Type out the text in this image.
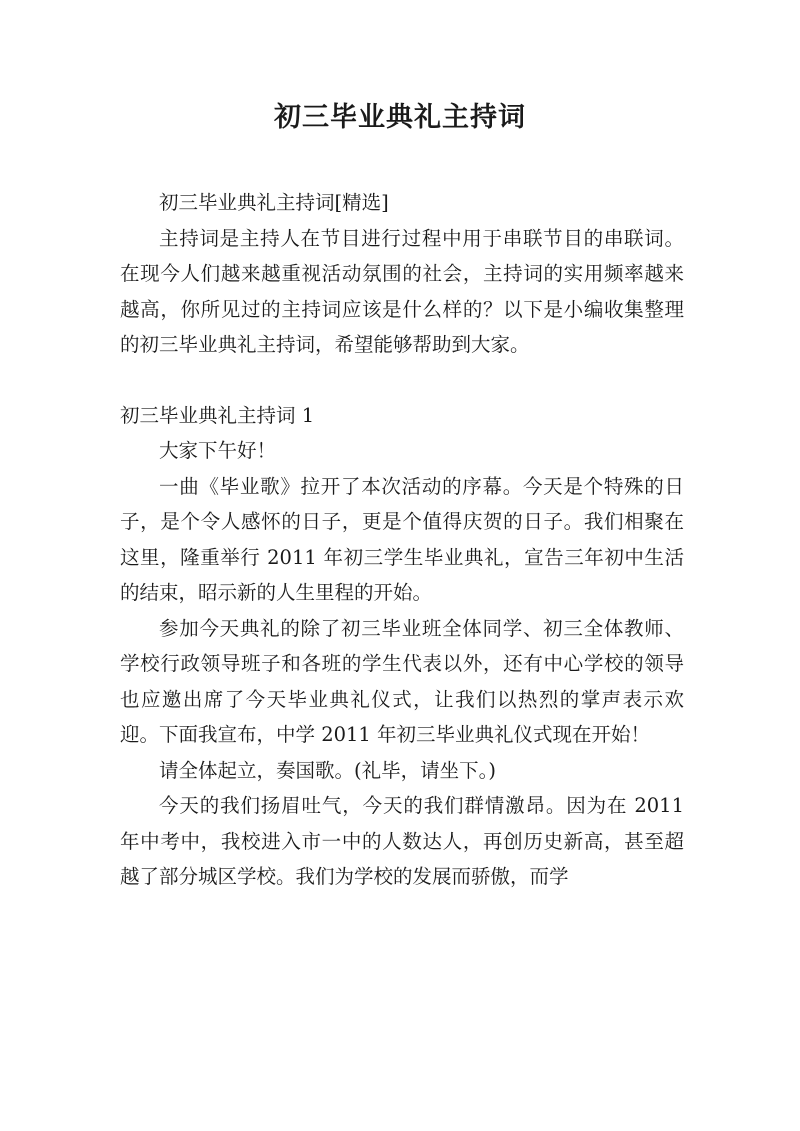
初三毕业典礼主持词

初三毕业典礼主持词[精选]

主持词是主持人在节目进行过程中用于串联节目的串联词。在现今人们越来越重视活动氛围的社会，主持词的实用频率越来越高，你所见过的主持词应该是什么样的？以下是小编收集整理的初三毕业典礼主持词，希望能够帮助到大家。

初三毕业典礼主持词 1

大家下午好！

一曲《毕业歌》拉开了本次活动的序幕。今天是个特殊的日子，是个令人感怀的日子，更是个值得庆贺的日子。我们相聚在这里，隆重举行 2011 年初三学生毕业典礼，宣告三年初中生活的结束，昭示新的人生里程的开始。

参加今天典礼的除了初三毕业班全体同学、初三全体教师、学校行政领导班子和各班的学生代表以外，还有中心学校的领导也应邀出席了今天毕业典礼仪式，让我们以热烈的掌声表示欢迎。下面我宣布，中学 2011 年初三毕业典礼仪式现在开始！

请全体起立，奏国歌。(礼毕，请坐下。)

今天的我们扬眉吐气，今天的我们群情激昂。因为在 2011 年中考中，我校进入市一中的人数达人，再创历史新高，甚至超越了部分城区学校。我们为学校的发展而骄傲，而学
